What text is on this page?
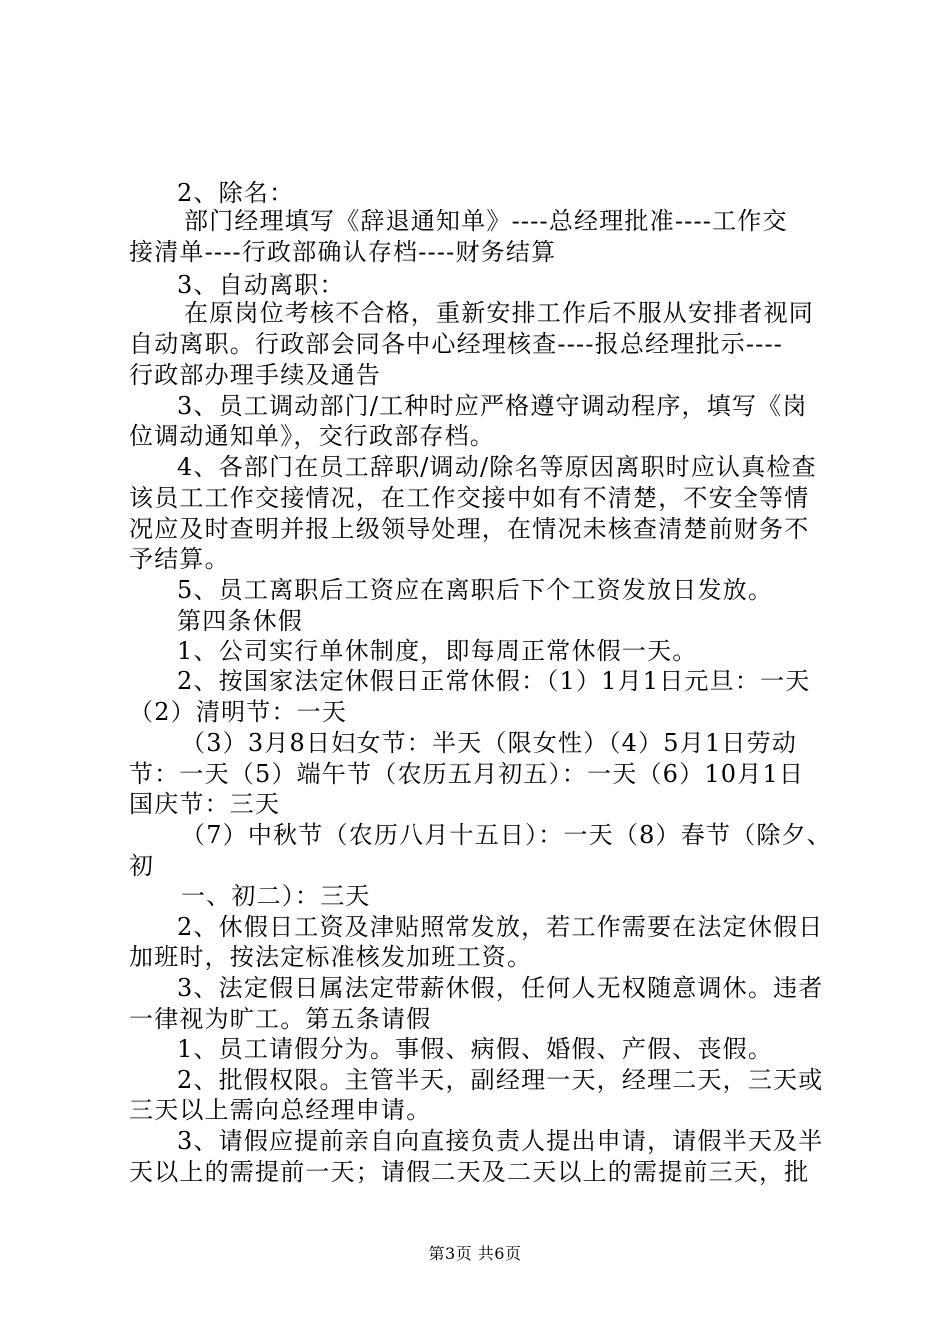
2、除名：
部门经理填写《辞退通知单》----总经理批准----工作交
接清单----行政部确认存档----财务结算
3、自动离职：
在原岗位考核不合格，重新安排工作后不服从安排者视同
自动离职。行政部会同各中心经理核查----报总经理批示----
行政部办理手续及通告
3、员工调动部门/工种时应严格遵守调动程序，填写《岗
位调动通知单》，交行政部存档。
4、各部门在员工辞职/调动/除名等原因离职时应认真检查
该员工工作交接情况，在工作交接中如有不清楚，不安全等情
况应及时查明并报上级领导处理，在情况未核查清楚前财务不
予结算。
5、员工离职后工资应在离职后下个工资发放日发放。
第四条休假
1、公司实行单休制度，即每周正常休假一天。
2、按国家法定休假日正常休假：（1）1月1日元旦：一天
（2）清明节：一天
（3）3月8日妇女节：半天（限女性）（4）5月1日劳动
节：一天（5）端午节（农历五月初五）：一天（6）10月1日
国庆节：三天
（7）中秋节（农历八月十五日）：一天（8）春节（除夕、
初
一、初二）：三天
2、休假日工资及津贴照常发放，若工作需要在法定休假日
加班时，按法定标准核发加班工资。
3、法定假日属法定带薪休假，任何人无权随意调休。违者
一律视为旷工。第五条请假
1、员工请假分为。事假、病假、婚假、产假、丧假。
2、批假权限。主管半天，副经理一天，经理二天，三天或
三天以上需向总经理申请。
3、请假应提前亲自向直接负责人提出申请，请假半天及半
天以上的需提前一天；请假二天及二天以上的需提前三天，批
第3页 共6页
